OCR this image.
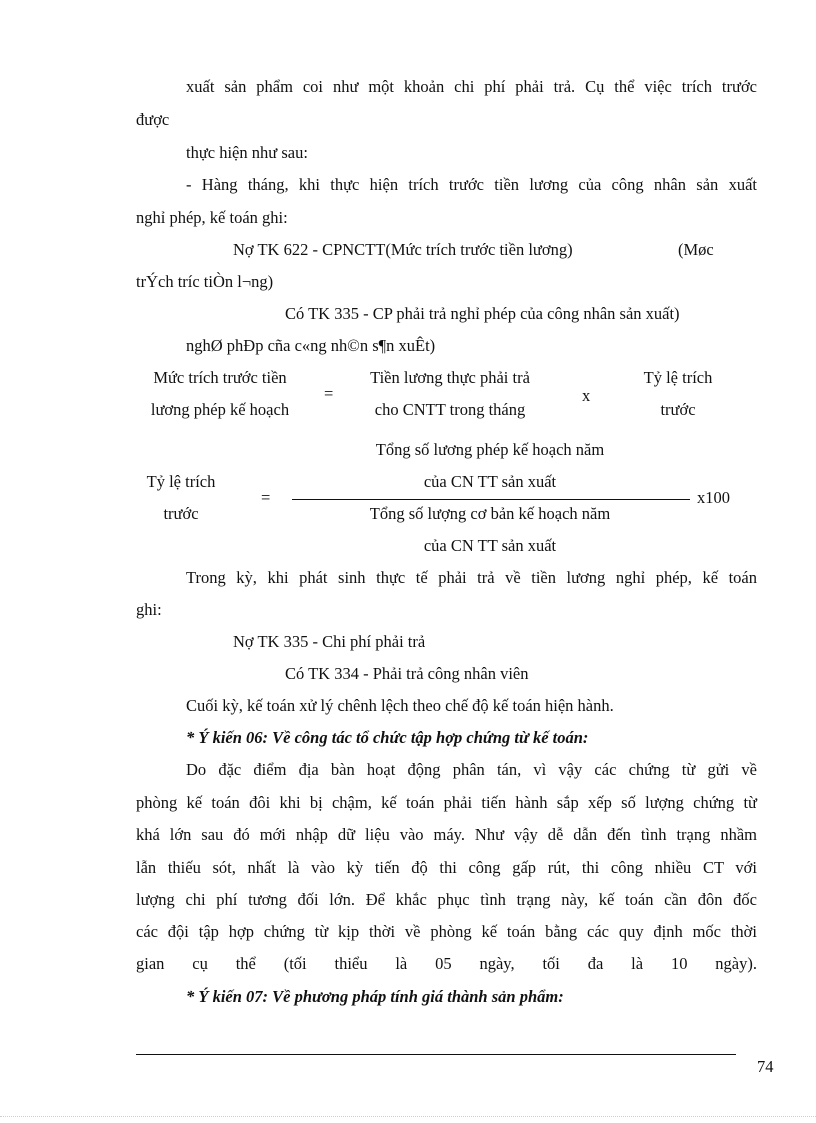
xuất sản phẩm coi như một khoản chi phí phải trả. Cụ thể việc trích trước
được
thực hiện như sau:
- Hàng tháng, khi thực hiện trích trước tiền lương của công nhân sản xuất
nghỉ phép, kế toán ghi:
Nợ TK 622 - CPNCTT(Mức trích trước tiền lương)	(Møc
trÝch tríc tiÒn l¬ng)
Có TK 335 - CP phải trả nghỉ phép của công nhân sản xuất)
nghØ phÐp cña c«ng nh©n s¶n xuÊt)
Mức trích trước tiền
lương phép kế hoạch
=
Tiền lương thực phải trả
cho CNTT trong tháng
x
Tỷ lệ trích
trước
Tổng số lương phép kế hoạch năm
của CN TT sản xuất
Tỷ lệ trích
trước
=	x100
Tổng số lượng cơ bản kế hoạch năm
của CN TT sản xuất
Trong kỳ, khi phát sinh thực tế phải trả về tiền lương nghỉ phép, kế toán
ghi:
Nợ TK 335 - Chi phí phải trả
Có TK 334 - Phải trả công nhân viên
Cuối kỳ, kế toán xử lý chênh lệch theo chế độ kế toán hiện hành.
* Ý kiến 06: Về công tác tổ chức tập hợp chứng từ kế toán:
Do đặc điểm địa bàn hoạt động phân tán, vì vậy các chứng từ gửi về
phòng kế toán đôi khi bị chậm, kế toán phải tiến hành sắp xếp số lượng chứng từ
khá lớn sau đó mới nhập dữ liệu vào máy. Như vậy dễ dẫn đến tình trạng nhầm
lẫn thiếu sót, nhất là vào kỳ tiến độ thi công gấp rút, thi công nhiều CT với
lượng chi phí tương đối lớn. Để khắc phục tình trạng này, kế toán cần đôn đốc
các đội tập hợp chứng từ kịp thời về phòng kế toán bằng các quy định mốc thời
gian cụ thể (tối thiểu là 05 ngày, tối đa là 10 ngày).
* Ý kiến 07: Về phương pháp tính giá thành sản phẩm:
74
